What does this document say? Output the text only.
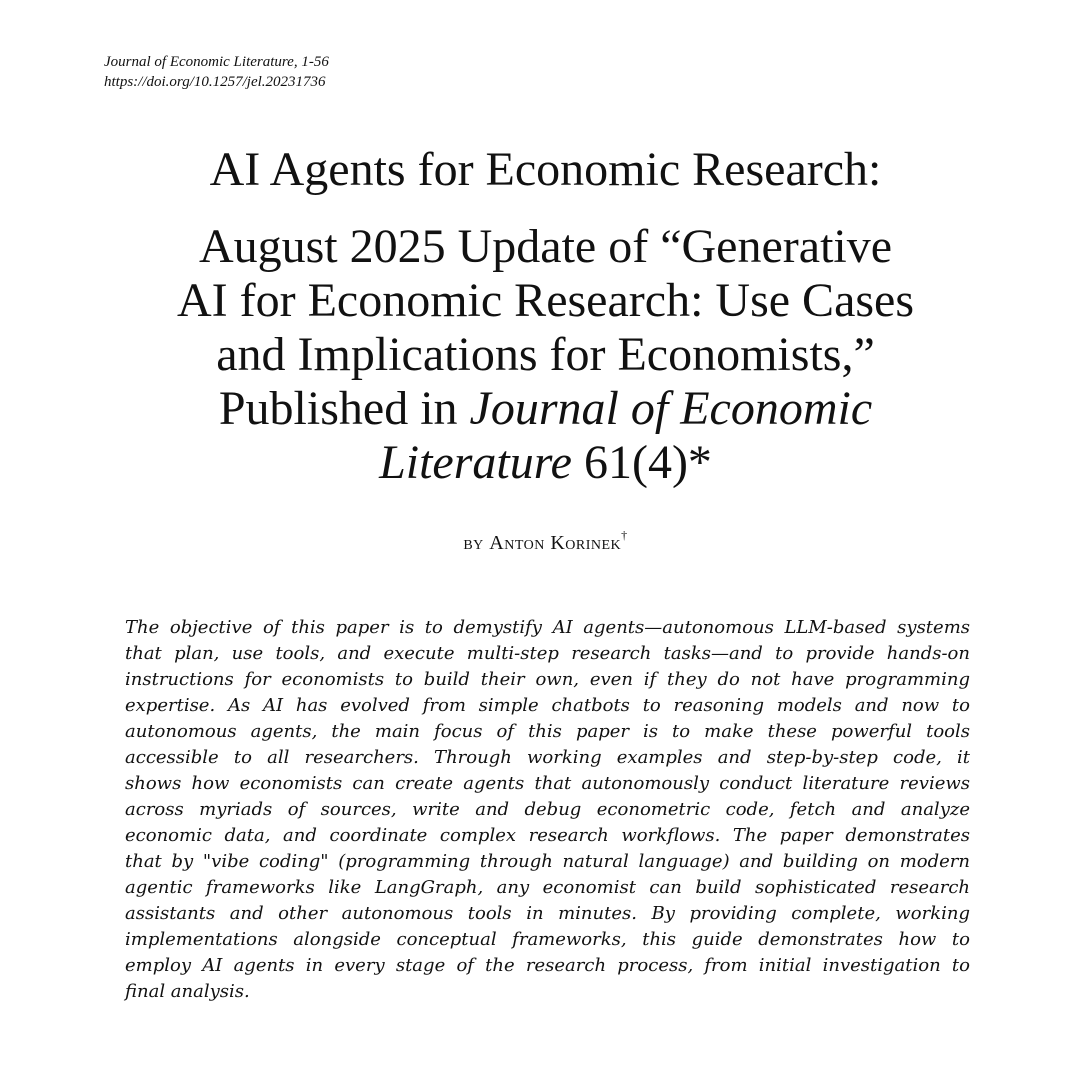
Journal of Economic Literature, 1-56
https://doi.org/10.1257/jel.20231736
AI Agents for Economic Research:
August 2025 Update of “Generative
AI for Economic Research: Use Cases
and Implications for Economists,”
Published in Journal of Economic
Literature 61(4)*
by Anton Korinek†
The objective of this paper is to demystify AI agents—autonomous LLM-based systems
that plan, use tools, and execute multi-step research tasks—and to provide hands-on
instructions for economists to build their own, even if they do not have programming
expertise. As AI has evolved from simple chatbots to reasoning models and now to
autonomous agents, the main focus of this paper is to make these powerful tools
accessible to all researchers. Through working examples and step-by-step code, it
shows how economists can create agents that autonomously conduct literature reviews
across myriads of sources, write and debug econometric code, fetch and analyze
economic data, and coordinate complex research workflows. The paper demonstrates
that by "vibe coding" (programming through natural language) and building on modern
agentic frameworks like LangGraph, any economist can build sophisticated research
assistants and other autonomous tools in minutes. By providing complete, working
implementations alongside conceptual frameworks, this guide demonstrates how to
employ AI agents in every stage of the research process, from initial investigation to
final analysis.
